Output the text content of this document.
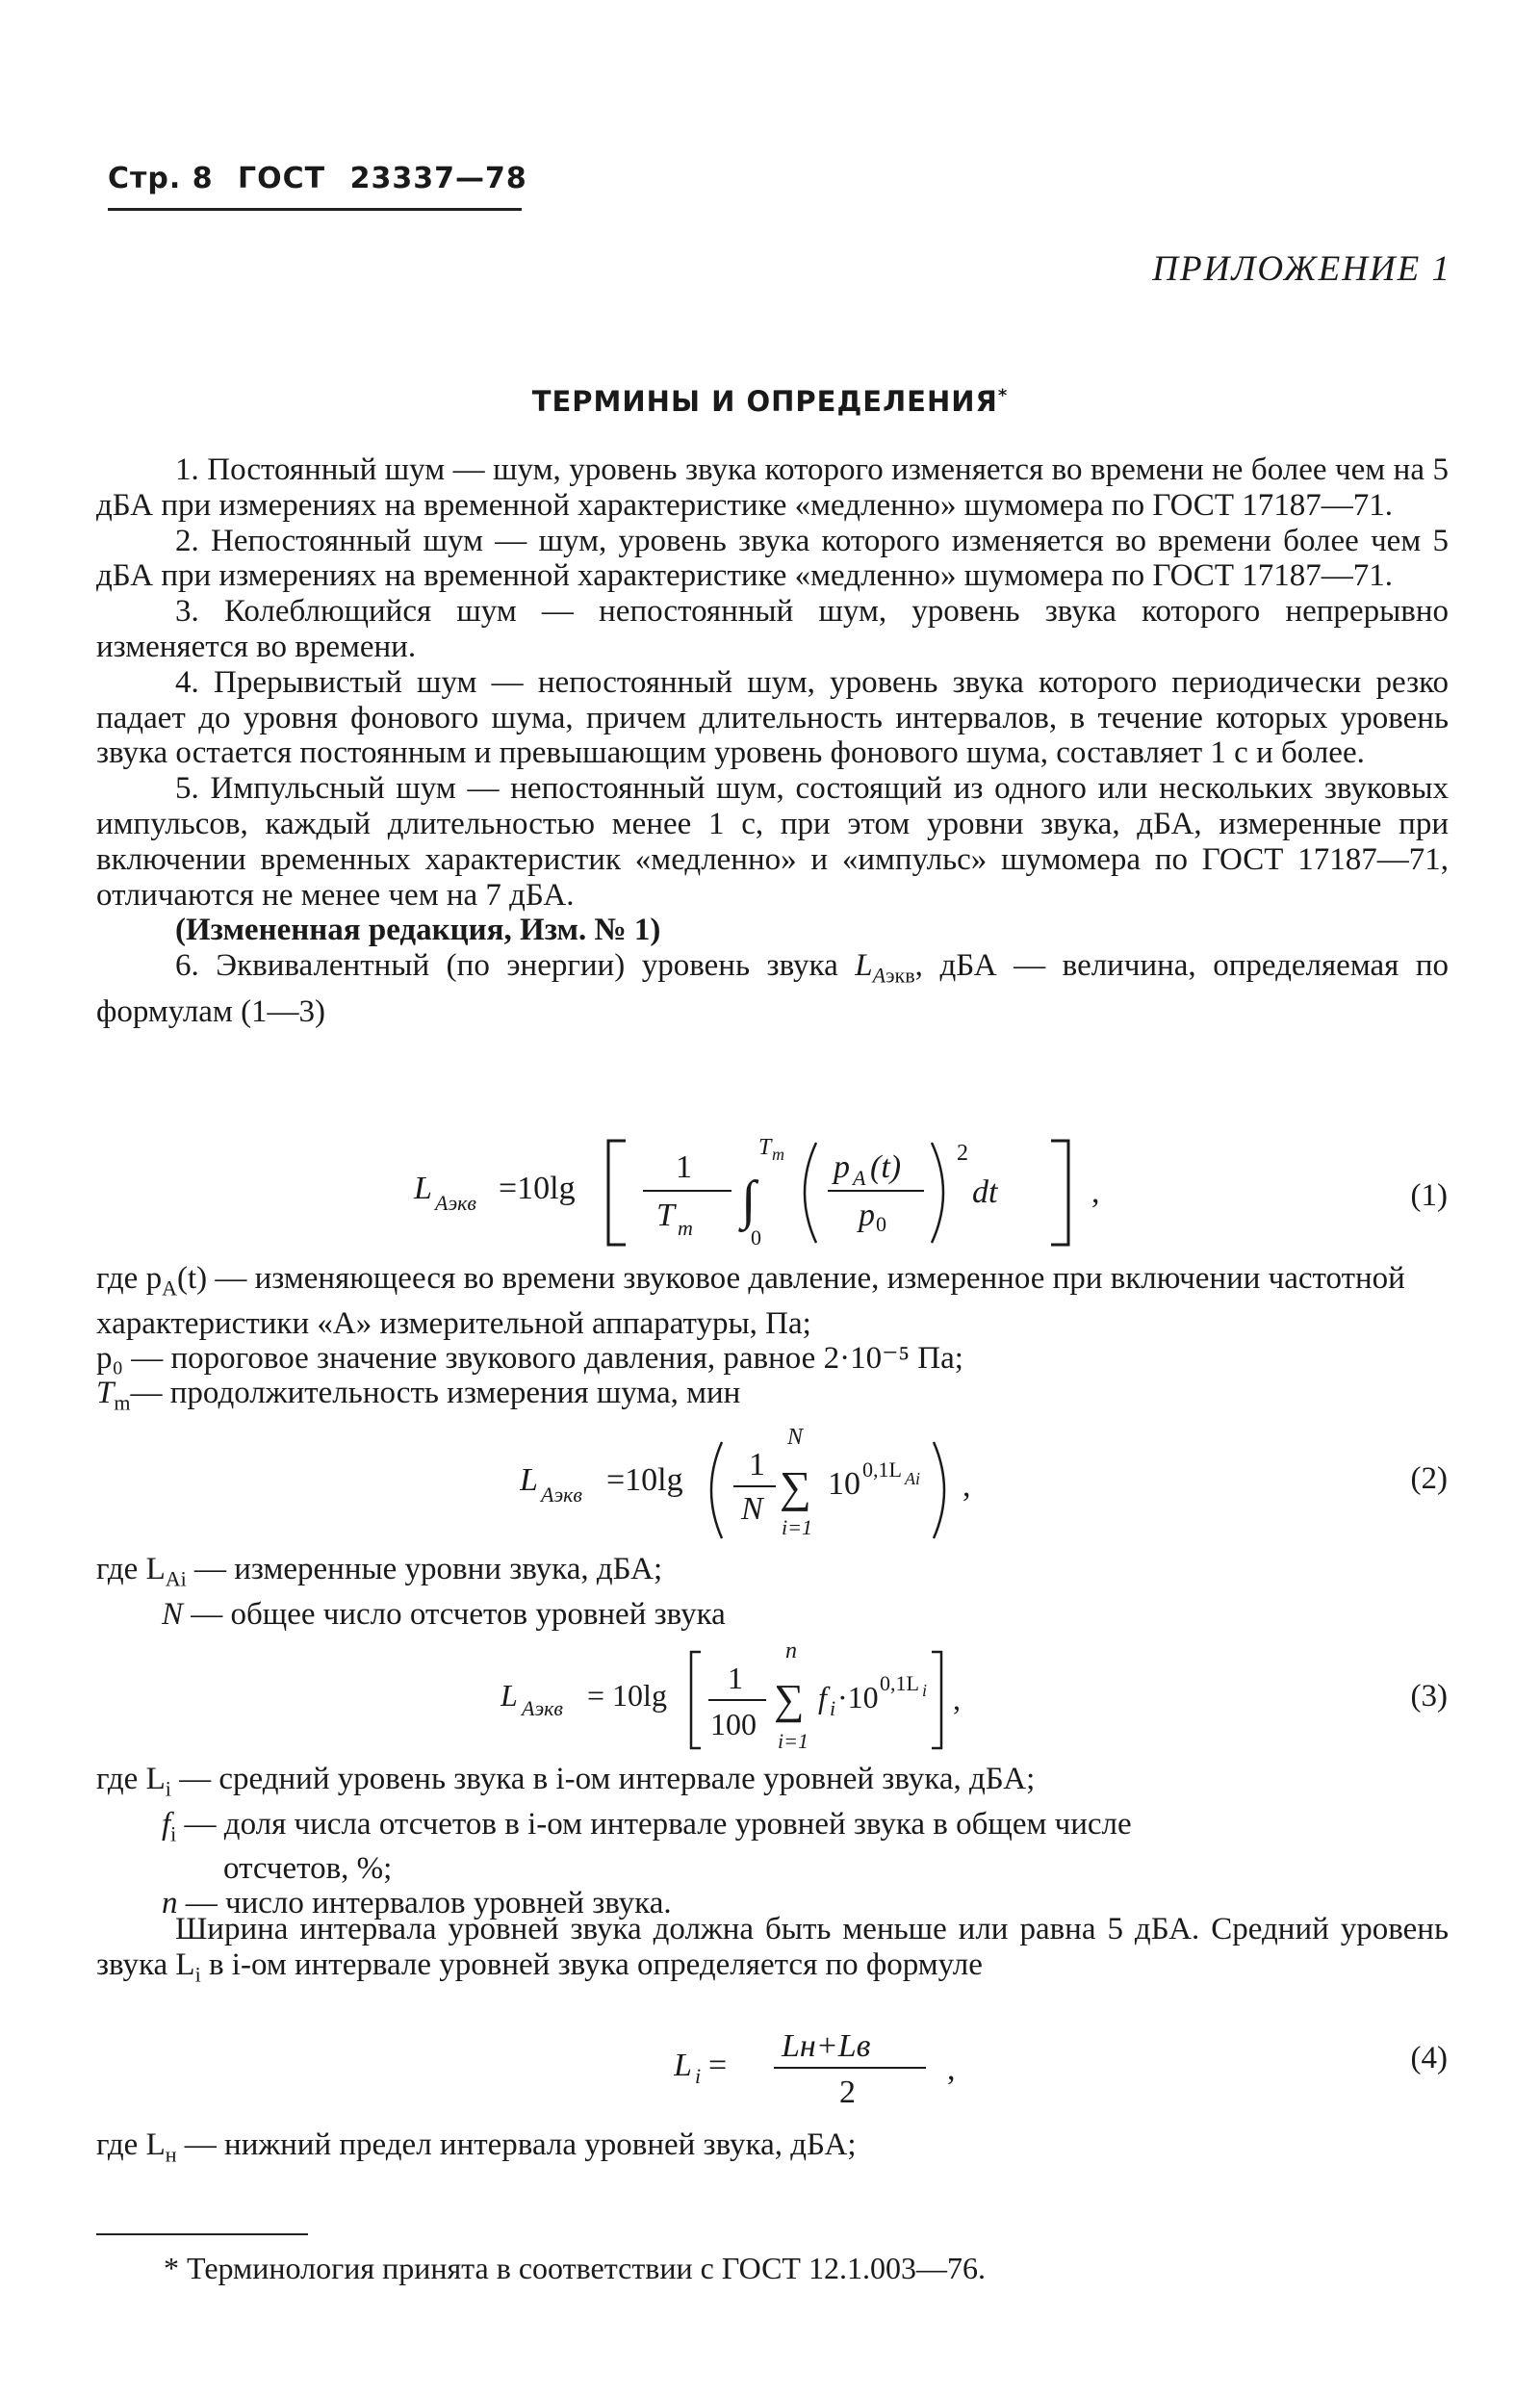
Стр. 8 ГОСТ 23337—78
ПРИЛОЖЕНИЕ 1
ТЕРМИНЫ И ОПРЕДЕЛЕНИЯ*

1. Постоянный шум — шум, уровень звука которого изменяется во времени не более чем на 5 дБА при измерениях на временной характеристике «медленно» шумомера по ГОСТ 17187—71.

2. Непостоянный шум — шум, уровень звука которого изменяется во времени более чем 5 дБА при измерениях на временной характеристике «медленно» шумомера по ГОСТ 17187—71.

3. Колеблющийся шум — непостоянный шум, уровень звука которого непрерывно изменяется во времени.

4. Прерывистый шум — непостоянный шум, уровень звука которого периодически резко падает до уровня фонового шума, причем длительность интервалов, в течение которых уровень звука остается постоянным и превышающим уровень фонового шума, составляет 1 с и более.

5. Импульсный шум — непостоянный шум, состоящий из одного или нескольких звуковых импульсов, каждый длительностью менее 1 с, при этом уровни звука, дБА, измеренные при включении временных характеристик «медленно» и «импульс» шумомера по ГОСТ 17187—71, отличаются не менее чем на 7 дБА.

(Измененная редакция, Изм. № 1)

6. Эквивалентный (по энергии) уровень звука $L_{Aэкв}$, дБА — величина, определяемая по формулам (1—3)

L Aэкв =10lg
1
T m
T m
∫
0
p A (t)
p 0
2
dt	,	(1)
где $p_A(t)$ — изменяющееся во времени звуковое давление, измеренное при включении частотной характеристики «А» измерительной аппаратуры, Па;
p₀ — пороговое значение звукового давления, равное 2·10⁻⁵ Па;
$T_m—$ продолжительность измерения шума, мин
L Aэкв =10lg 1
N
N
∑
i=1
10 0,1L Ai ,	(2)
где $L_{Ai}$ — измеренные уровни звука, дБА;
N — общее число отсчетов уровней звука
L Aэкв = 10lg 1
100
n
∑
i=1
f i ·10 0,1L i ,	(3)
где $L_i$ — средний уровень звука в i-ом интервале уровней звука, дБА;
$f_i$ — доля числа отсчетов в i-ом интервале уровней звука в общем числе
отсчетов, %;
n — число интервалов уровней звука.

Ширина интервала уровней звука должна быть меньше или равна 5 дБА. Средний уровень звука $L_i$ в i-ом интервале уровней звука определяется по формуле

L i =
Lн+Lв
2
,	(4)
где $L_н$ — нижний предел интервала уровней звука, дБА;
* Терминология принята в соответствии с ГОСТ 12.1.003—76.
